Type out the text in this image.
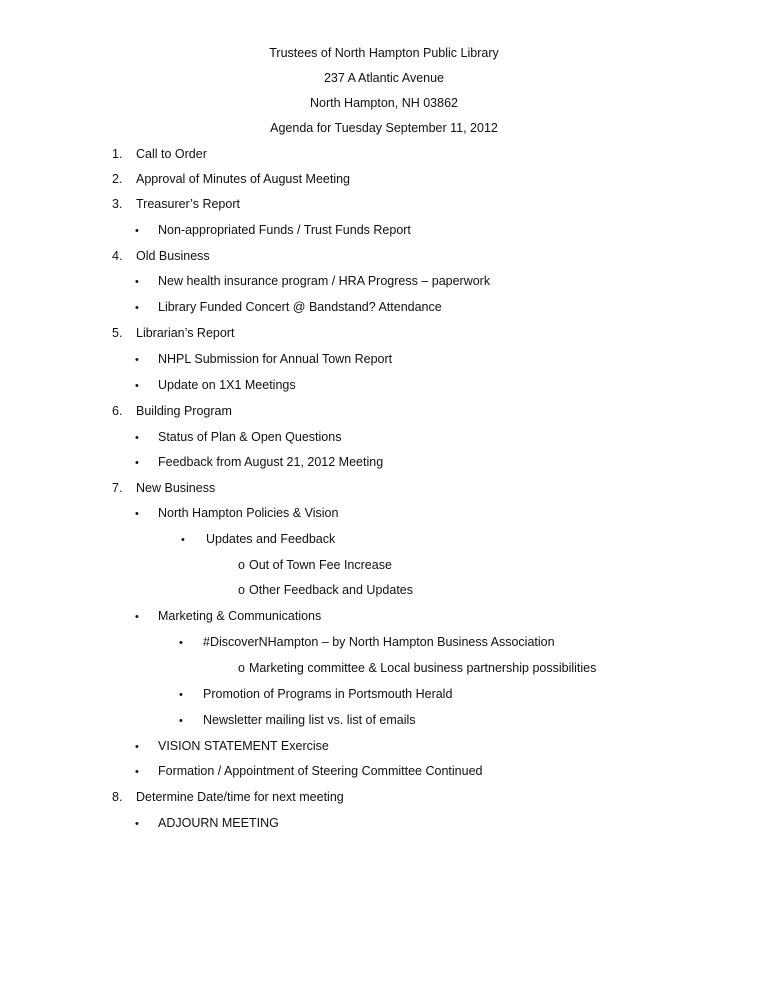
Trustees of North Hampton Public Library
237 A Atlantic Avenue
North Hampton, NH 03862
Agenda for Tuesday September 11, 2012
1. Call to Order
2. Approval of Minutes of August Meeting
3. Treasurer’s Report
• Non-appropriated Funds / Trust Funds Report
4. Old Business
• New health insurance program / HRA Progress – paperwork
• Library Funded Concert @ Bandstand? Attendance
5. Librarian’s Report
• NHPL Submission for Annual Town Report
• Update on 1X1 Meetings
6. Building Program
• Status of Plan & Open Questions
• Feedback from August 21, 2012 Meeting
7. New Business
• North Hampton Policies & Vision
• Updates and Feedback
o Out of Town Fee Increase
o Other Feedback and Updates
• Marketing & Communications
• #DiscoverNHampton – by North Hampton Business Association
o Marketing committee & Local business partnership possibilities
• Promotion of Programs in Portsmouth Herald
• Newsletter mailing list vs. list of emails
• VISION STATEMENT Exercise
• Formation / Appointment of Steering Committee Continued
8. Determine Date/time for next meeting
• ADJOURN MEETING
